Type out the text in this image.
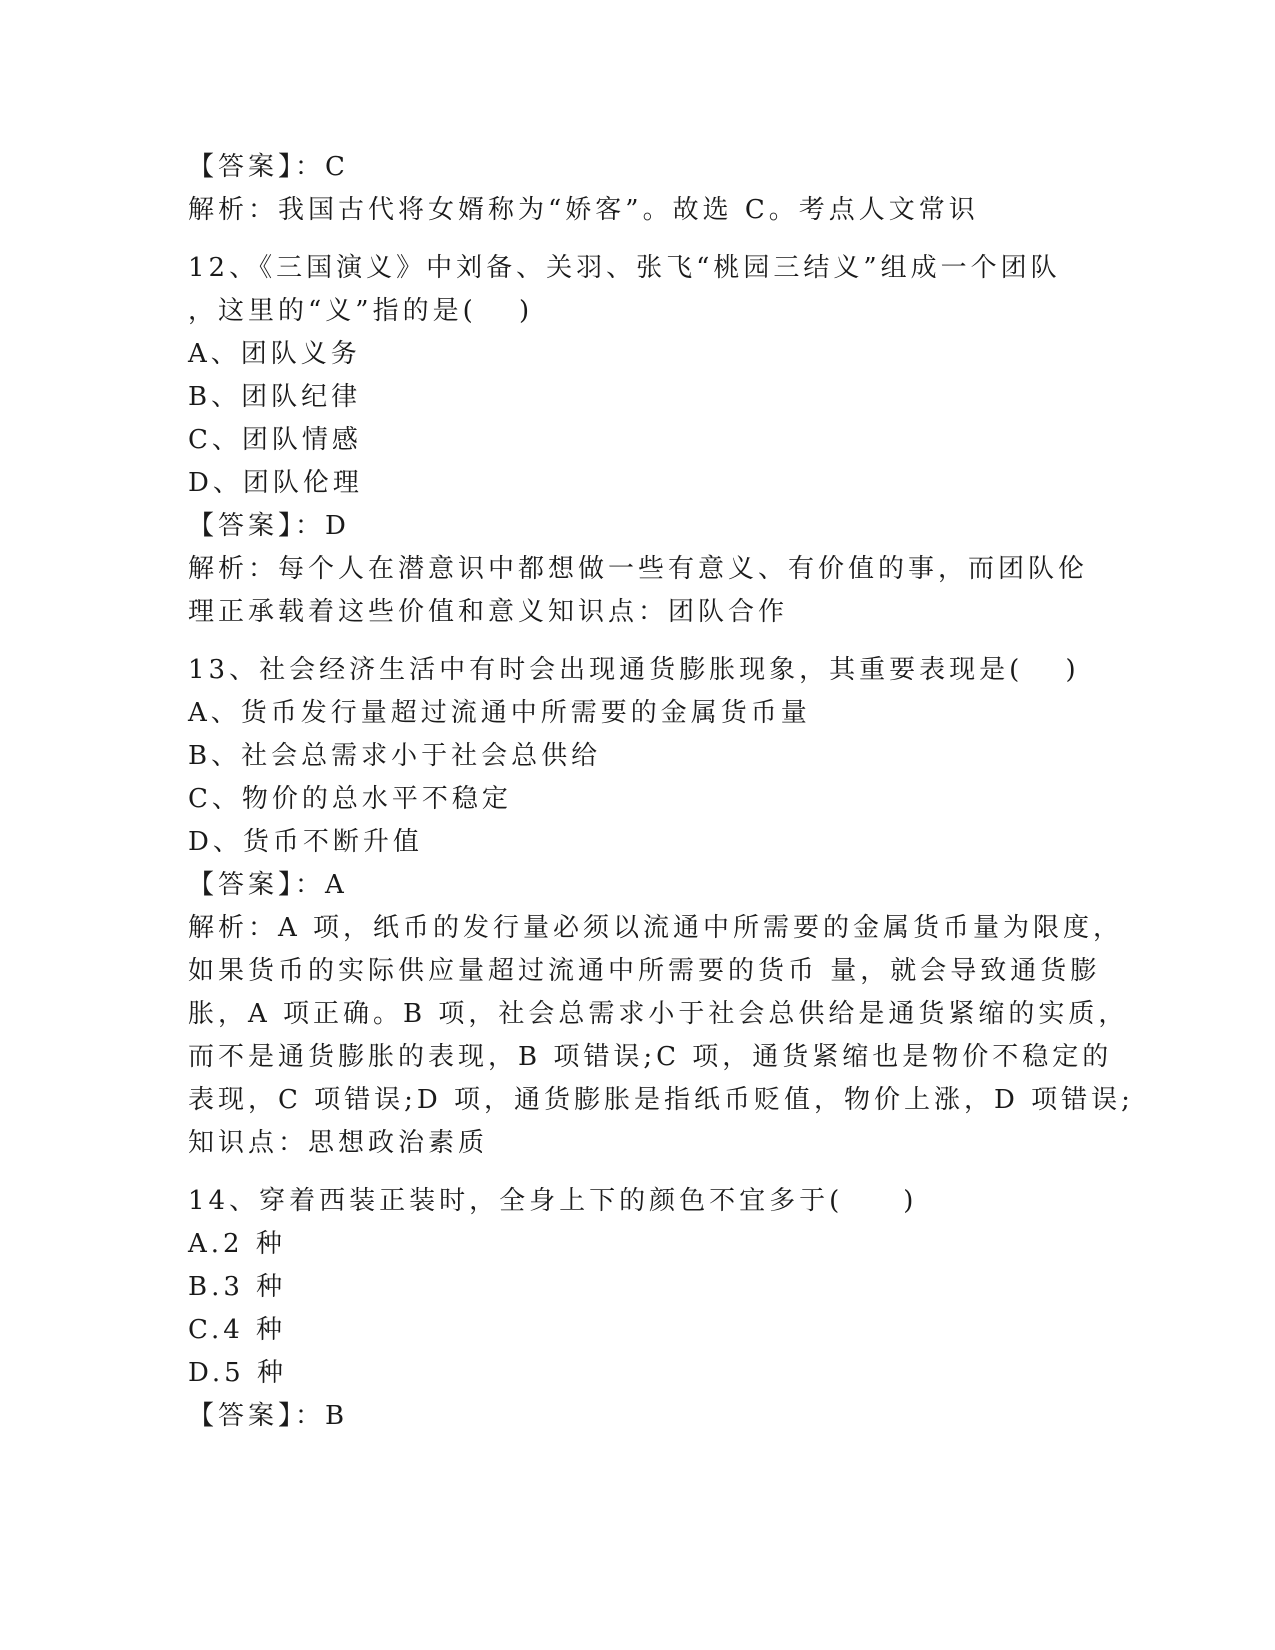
【答案】：C
解析：我国古代将女婿称为“娇客”。故选 C。考点人文常识
12、《三国演义》中刘备、关羽、张飞“桃园三结义”组成一个团队
，这里的“义”指的是(　 )
A、团队义务
B、团队纪律
C、团队情感
D、团队伦理
【答案】：D
解析：每个人在潜意识中都想做一些有意义、有价值的事，而团队伦
理正承载着这些价值和意义知识点：团队合作
13、社会经济生活中有时会出现通货膨胀现象，其重要表现是(　 )
A、货币发行量超过流通中所需要的金属货币量
B、社会总需求小于社会总供给
C、物价的总水平不稳定
D、货币不断升值
【答案】：A
解析：A 项，纸币的发行量必须以流通中所需要的金属货币量为限度，
如果货币的实际供应量超过流通中所需要的货币 量，就会导致通货膨
胀，A 项正确。B 项，社会总需求小于社会总供给是通货紧缩的实质，
而不是通货膨胀的表现，B 项错误;C 项，通货紧缩也是物价不稳定的
表现，C 项错误;D 项，通货膨胀是指纸币贬值，物价上涨，D 项错误;
知识点：思想政治素质
14、穿着西装正装时，全身上下的颜色不宜多于(　　)
A.2 种
B.3 种
C.4 种
D.5 种
【答案】：B
